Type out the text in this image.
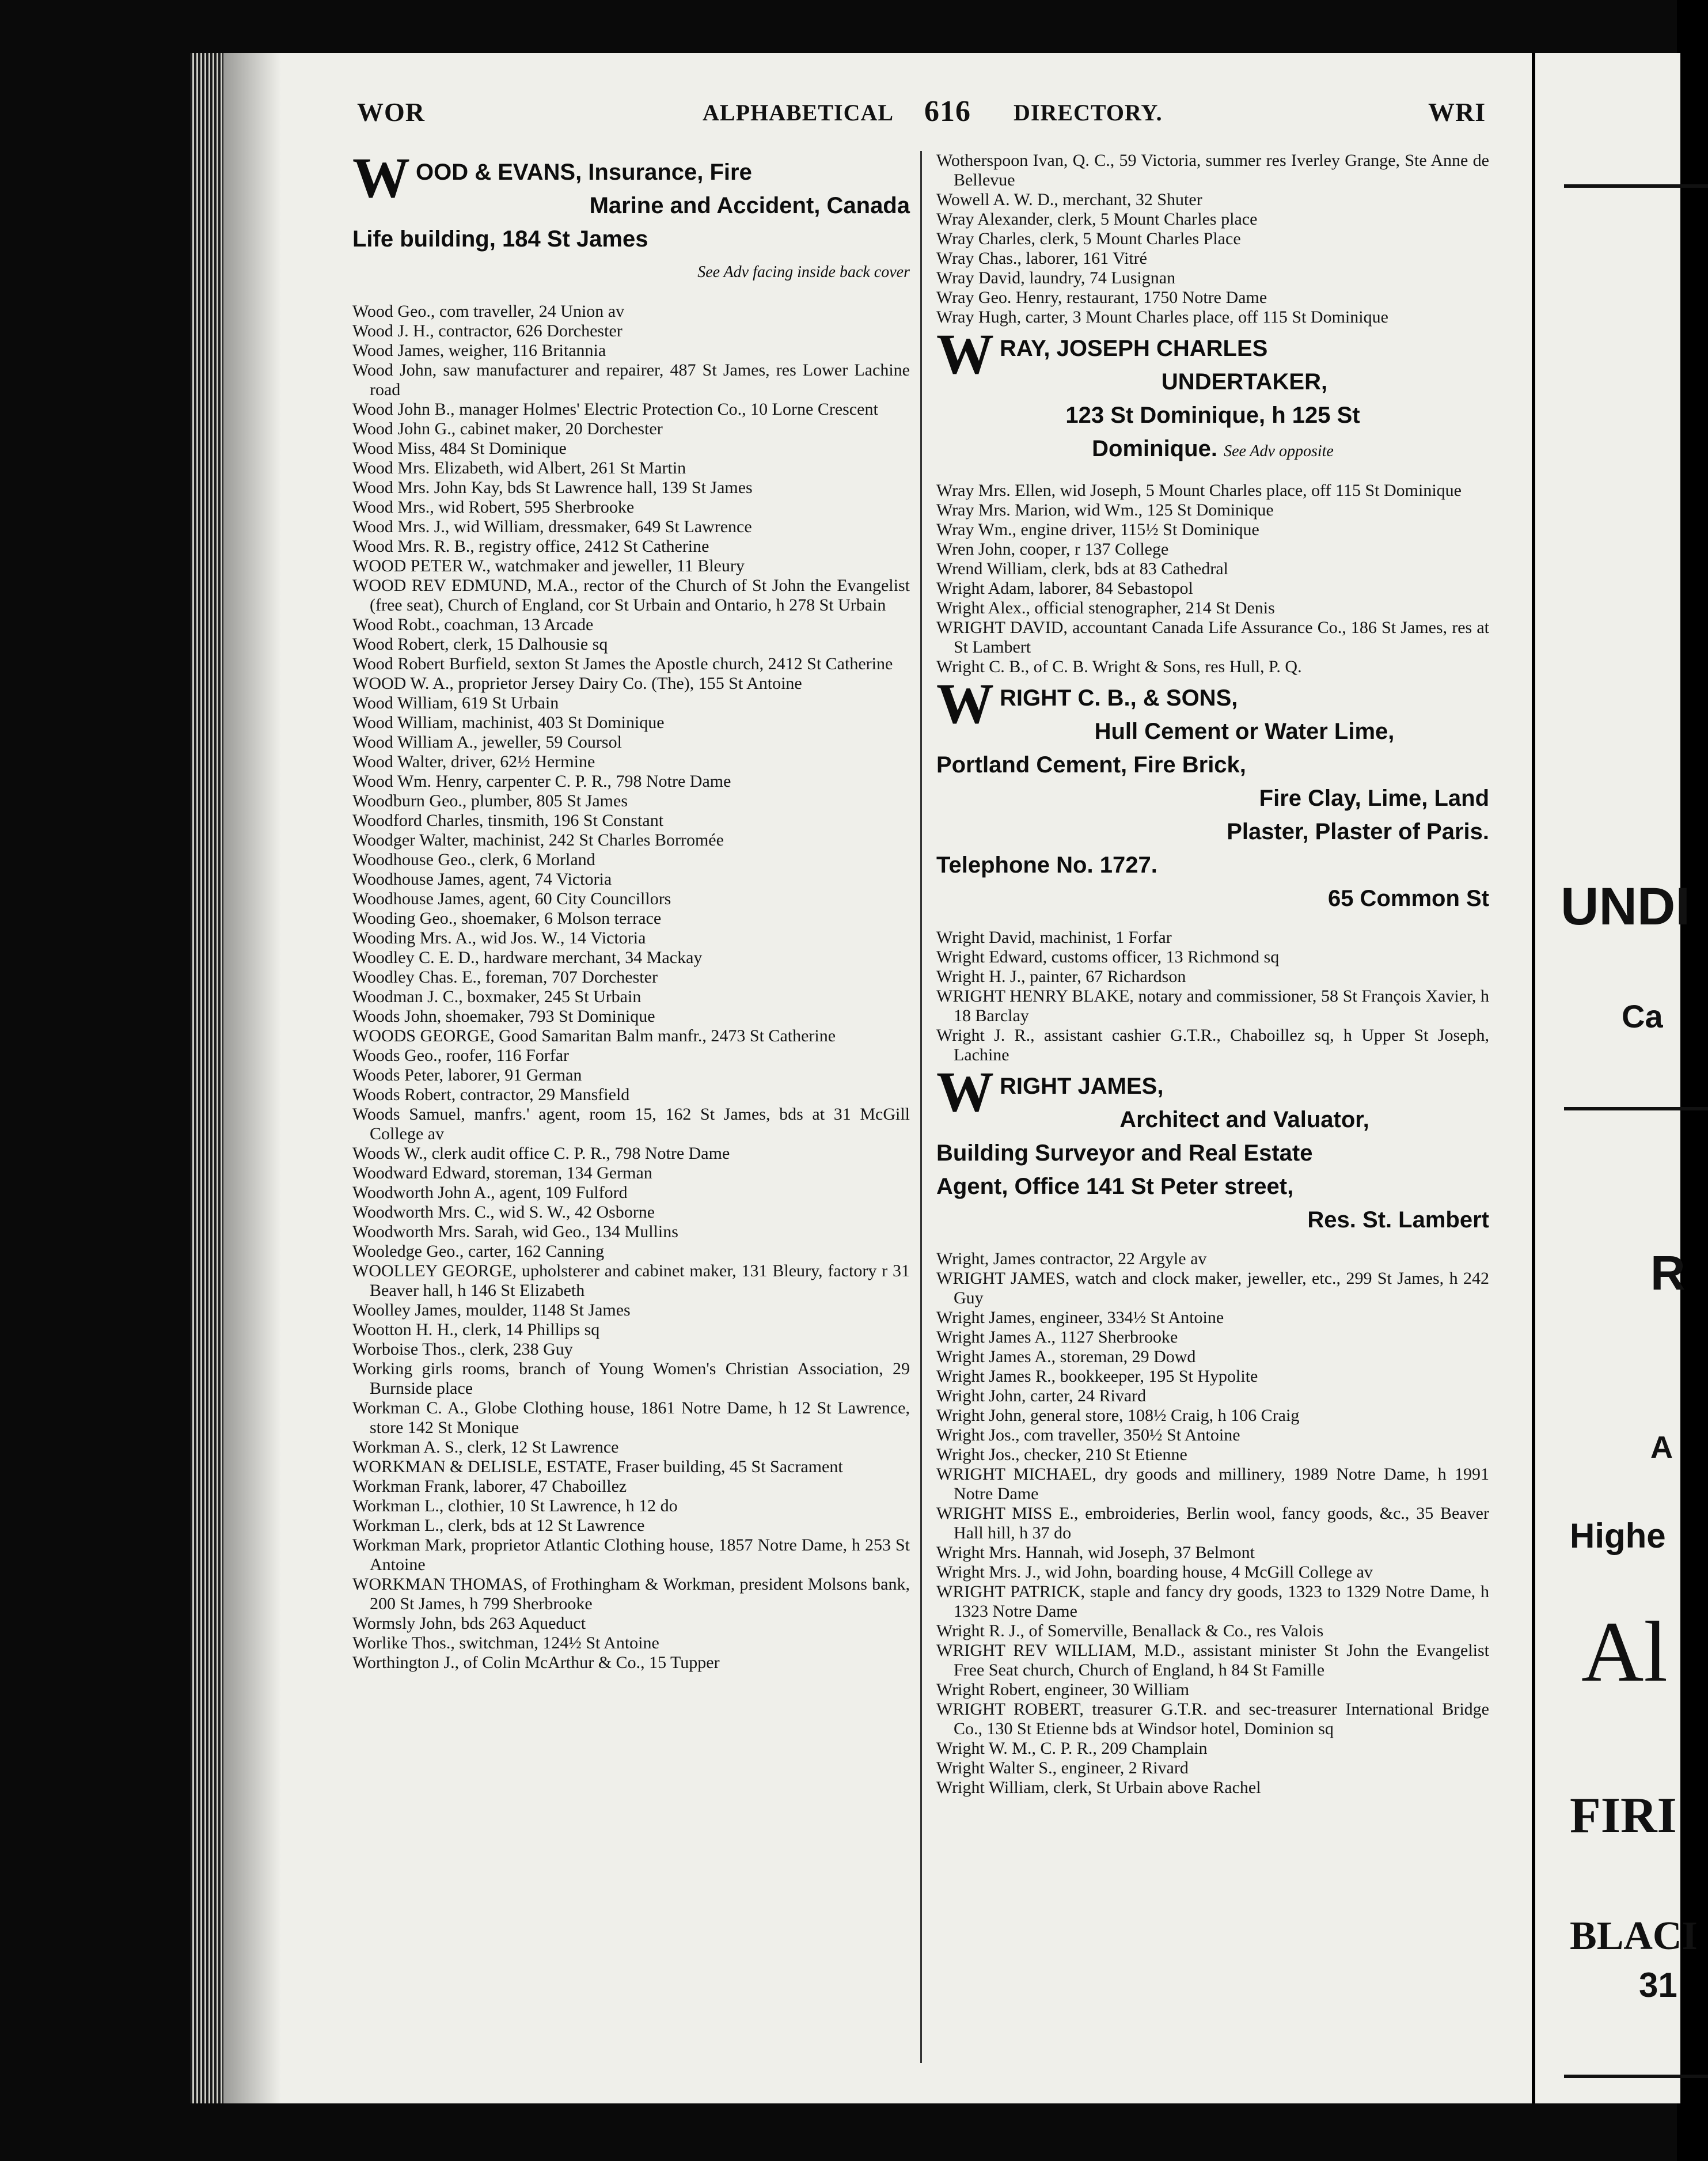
WOR	ALPHABETICAL 616 DIRECTORY.	WRI
W OOD & EVANS, Insurance, Fire

Marine and Accident, Canada

Life building, 184 St James

See Adv facing inside back cover

Wood Geo., com traveller, 24 Union av

Wood J. H., contractor, 626 Dorchester

Wood James, weigher, 116 Britannia

Wood John, saw manufacturer and repairer, 487 St James, res Lower Lachine road

Wood John B., manager Holmes' Electric Protection Co., 10 Lorne Crescent

Wood John G., cabinet maker, 20 Dorchester

Wood Miss, 484 St Dominique

Wood Mrs. Elizabeth, wid Albert, 261 St Martin

Wood Mrs. John Kay, bds St Lawrence hall, 139 St James

Wood Mrs., wid Robert, 595 Sherbrooke

Wood Mrs. J., wid William, dressmaker, 649 St Lawrence

Wood Mrs. R. B., registry office, 2412 St Catherine

WOOD PETER W., watchmaker and jeweller, 11 Bleury

WOOD REV EDMUND, M.A., rector of the Church of St John the Evangelist (free seat), Church of England, cor St Urbain and Ontario, h 278 St Urbain

Wood Robt., coachman, 13 Arcade

Wood Robert, clerk, 15 Dalhousie sq

Wood Robert Burfield, sexton St James the Apostle church, 2412 St Catherine

WOOD W. A., proprietor Jersey Dairy Co. (The), 155 St Antoine

Wood William, 619 St Urbain

Wood William, machinist, 403 St Dominique

Wood William A., jeweller, 59 Coursol

Wood Walter, driver, 62½ Hermine

Wood Wm. Henry, carpenter C. P. R., 798 Notre Dame

Woodburn Geo., plumber, 805 St James

Woodford Charles, tinsmith, 196 St Constant

Woodger Walter, machinist, 242 St Charles Borromée

Woodhouse Geo., clerk, 6 Morland

Woodhouse James, agent, 74 Victoria

Woodhouse James, agent, 60 City Councillors

Wooding Geo., shoemaker, 6 Molson terrace

Wooding Mrs. A., wid Jos. W., 14 Victoria

Woodley C. E. D., hardware merchant, 34 Mackay

Woodley Chas. E., foreman, 707 Dorchester

Woodman J. C., boxmaker, 245 St Urbain

Woods John, shoemaker, 793 St Dominique

WOODS GEORGE, Good Samaritan Balm manfr., 2473 St Catherine

Woods Geo., roofer, 116 Forfar

Woods Peter, laborer, 91 German

Woods Robert, contractor, 29 Mansfield

Woods Samuel, manfrs.' agent, room 15, 162 St James, bds at 31 McGill College av

Woods W., clerk audit office C. P. R., 798 Notre Dame

Woodward Edward, storeman, 134 German

Woodworth John A., agent, 109 Fulford

Woodworth Mrs. C., wid S. W., 42 Osborne

Woodworth Mrs. Sarah, wid Geo., 134 Mullins

Wooledge Geo., carter, 162 Canning

WOOLLEY GEORGE, upholsterer and cabinet maker, 131 Bleury, factory r 31 Beaver hall, h 146 St Elizabeth

Woolley James, moulder, 1148 St James

Wootton H. H., clerk, 14 Phillips sq

Worboise Thos., clerk, 238 Guy

Working girls rooms, branch of Young Women's Christian Association, 29 Burnside place

Workman C. A., Globe Clothing house, 1861 Notre Dame, h 12 St Lawrence, store 142 St Monique

Workman A. S., clerk, 12 St Lawrence

WORKMAN & DELISLE, ESTATE, Fraser building, 45 St Sacrament

Workman Frank, laborer, 47 Chaboillez

Workman L., clothier, 10 St Lawrence, h 12 do

Workman L., clerk, bds at 12 St Lawrence

Workman Mark, proprietor Atlantic Clothing house, 1857 Notre Dame, h 253 St Antoine

WORKMAN THOMAS, of Frothingham & Workman, president Molsons bank, 200 St James, h 799 Sherbrooke

Wormsly John, bds 263 Aqueduct

Worlike Thos., switchman, 124½ St Antoine

Worthington J., of Colin McArthur & Co., 15 Tupper

Wotherspoon Ivan, Q. C., 59 Victoria, summer res Iverley Grange, Ste Anne de Bellevue

Wowell A. W. D., merchant, 32 Shuter

Wray Alexander, clerk, 5 Mount Charles place

Wray Charles, clerk, 5 Mount Charles Place

Wray Chas., laborer, 161 Vitré

Wray David, laundry, 74 Lusignan

Wray Geo. Henry, restaurant, 1750 Notre Dame

Wray Hugh, carter, 3 Mount Charles place, off 115 St Dominique

W RAY, JOSEPH CHARLES

UNDERTAKER,

123 St Dominique, h 125 St

Dominique. See Adv opposite

Wray Mrs. Ellen, wid Joseph, 5 Mount Charles place, off 115 St Dominique

Wray Mrs. Marion, wid Wm., 125 St Dominique

Wray Wm., engine driver, 115½ St Dominique

Wren John, cooper, r 137 College

Wrend William, clerk, bds at 83 Cathedral

Wright Adam, laborer, 84 Sebastopol

Wright Alex., official stenographer, 214 St Denis

WRIGHT DAVID, accountant Canada Life Assurance Co., 186 St James, res at St Lambert

Wright C. B., of C. B. Wright & Sons, res Hull, P. Q.

W RIGHT C. B., & SONS,

Hull Cement or Water Lime,

Portland Cement, Fire Brick,

Fire Clay, Lime, Land

Plaster, Plaster of Paris.

Telephone No. 1727.

65 Common St

Wright David, machinist, 1 Forfar

Wright Edward, customs officer, 13 Richmond sq

Wright H. J., painter, 67 Richardson

WRIGHT HENRY BLAKE, notary and commissioner, 58 St François Xavier, h 18 Barclay

Wright J. R., assistant cashier G.T.R., Chaboillez sq, h Upper St Joseph, Lachine

W RIGHT JAMES,

Architect and Valuator,

Building Surveyor and Real Estate

Agent, Office 141 St Peter street,

Res. St. Lambert

Wright, James contractor, 22 Argyle av

WRIGHT JAMES, watch and clock maker, jeweller, etc., 299 St James, h 242 Guy

Wright James, engineer, 334½ St Antoine

Wright James A., 1127 Sherbrooke

Wright James A., storeman, 29 Dowd

Wright James R., bookkeeper, 195 St Hypolite

Wright John, carter, 24 Rivard

Wright John, general store, 108½ Craig, h 106 Craig

Wright Jos., com traveller, 350½ St Antoine

Wright Jos., checker, 210 St Etienne

WRIGHT MICHAEL, dry goods and millinery, 1989 Notre Dame, h 1991 Notre Dame

WRIGHT MISS E., embroideries, Berlin wool, fancy goods, &c., 35 Beaver Hall hill, h 37 do

Wright Mrs. Hannah, wid Joseph, 37 Belmont

Wright Mrs. J., wid John, boarding house, 4 McGill College av

WRIGHT PATRICK, staple and fancy dry goods, 1323 to 1329 Notre Dame, h 1323 Notre Dame

Wright R. J., of Somerville, Benallack & Co., res Valois

WRIGHT REV WILLIAM, M.D., assistant minister St John the Evangelist Free Seat church, Church of England, h 84 St Famille

Wright Robert, engineer, 30 William

WRIGHT ROBERT, treasurer G.T.R. and sec-treasurer International Bridge Co., 130 St Etienne bds at Windsor hotel, Dominion sq

Wright W. M., C. P. R., 209 Champlain

Wright Walter S., engineer, 2 Rivard

Wright William, clerk, St Urbain above Rachel

UNDI
Ca
R
A
Highe
Al
FIRI
BLACI
31
